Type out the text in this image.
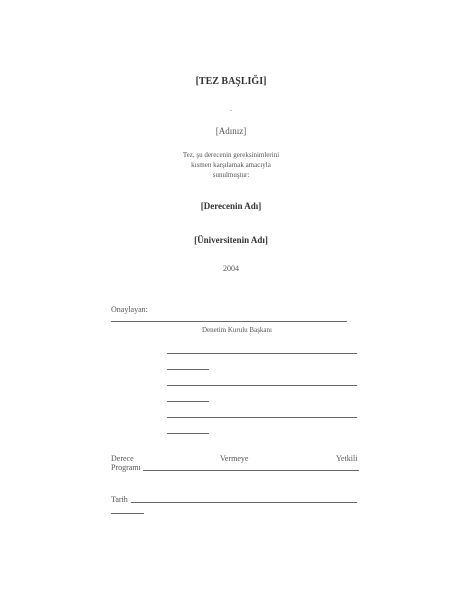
[TEZ BAŞLIĞI]
.
[Adınız]
Tez, şu derecenin gereksinimlerini
kısmen karşılamak amacıyla
sunulmuştur:
[Derecenin Adı]
[Üniversitenin Adı]
2004
Onaylayan:
Denetim Kurulu Başkanı
Derece	Vermeye	Yetkili
Programı
Tarih
